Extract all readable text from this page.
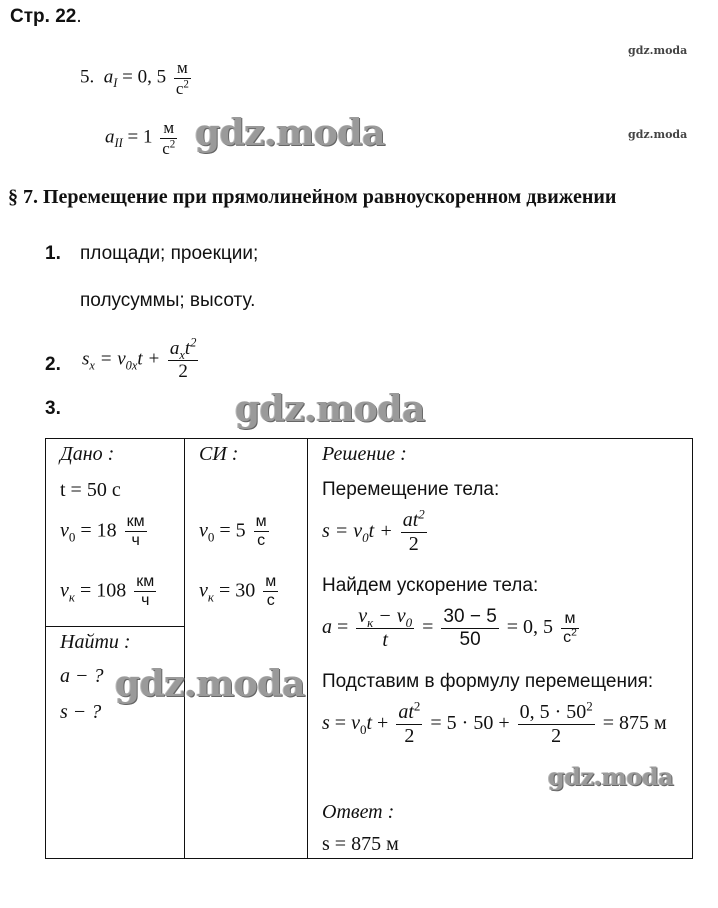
Стр. 22.
gdz.moda
gdz.moda
5. $a_I = 0$, $5 \frac{м}{с^2}$
$a_{II} = 1 \frac{м}{с^2}$ gdz.moda
§ 7. Перемещение при прямолинейном равноускоренном движении
1. площади; проекции;
полусуммы; высоту.
2. $s_x = v_{0x}t + \frac{a_xt^2}{2}$
3.	gdz.moda
Дано :
t = 50 с
$v_0 = 18 \frac{км}{ч}$
$v_к = 108 \frac{км}{ч}$

СИ :
$v_0 = 5 \frac{м}{с}$
$v_к = 30 \frac{м}{с}$

Решение :
Перемещение тела:
$s = v_0t + \frac{at^2}{2}$
Найдем ускорение тела:
$a = \frac{v_к - v_0}{t} = \frac{30 - 5}{50} = 0$, $5 \frac{м}{с^2}$
Подставим в формулу перемещения:
$s = v_0t + \frac{at^2}{2} = 5 \cdot 50 + \frac{0, 5 \cdot 50^2}{2} = 875$ м
Ответ :
s = 875 м

Найти :
a − ?
s − ?
gdz.moda
gdz.moda
